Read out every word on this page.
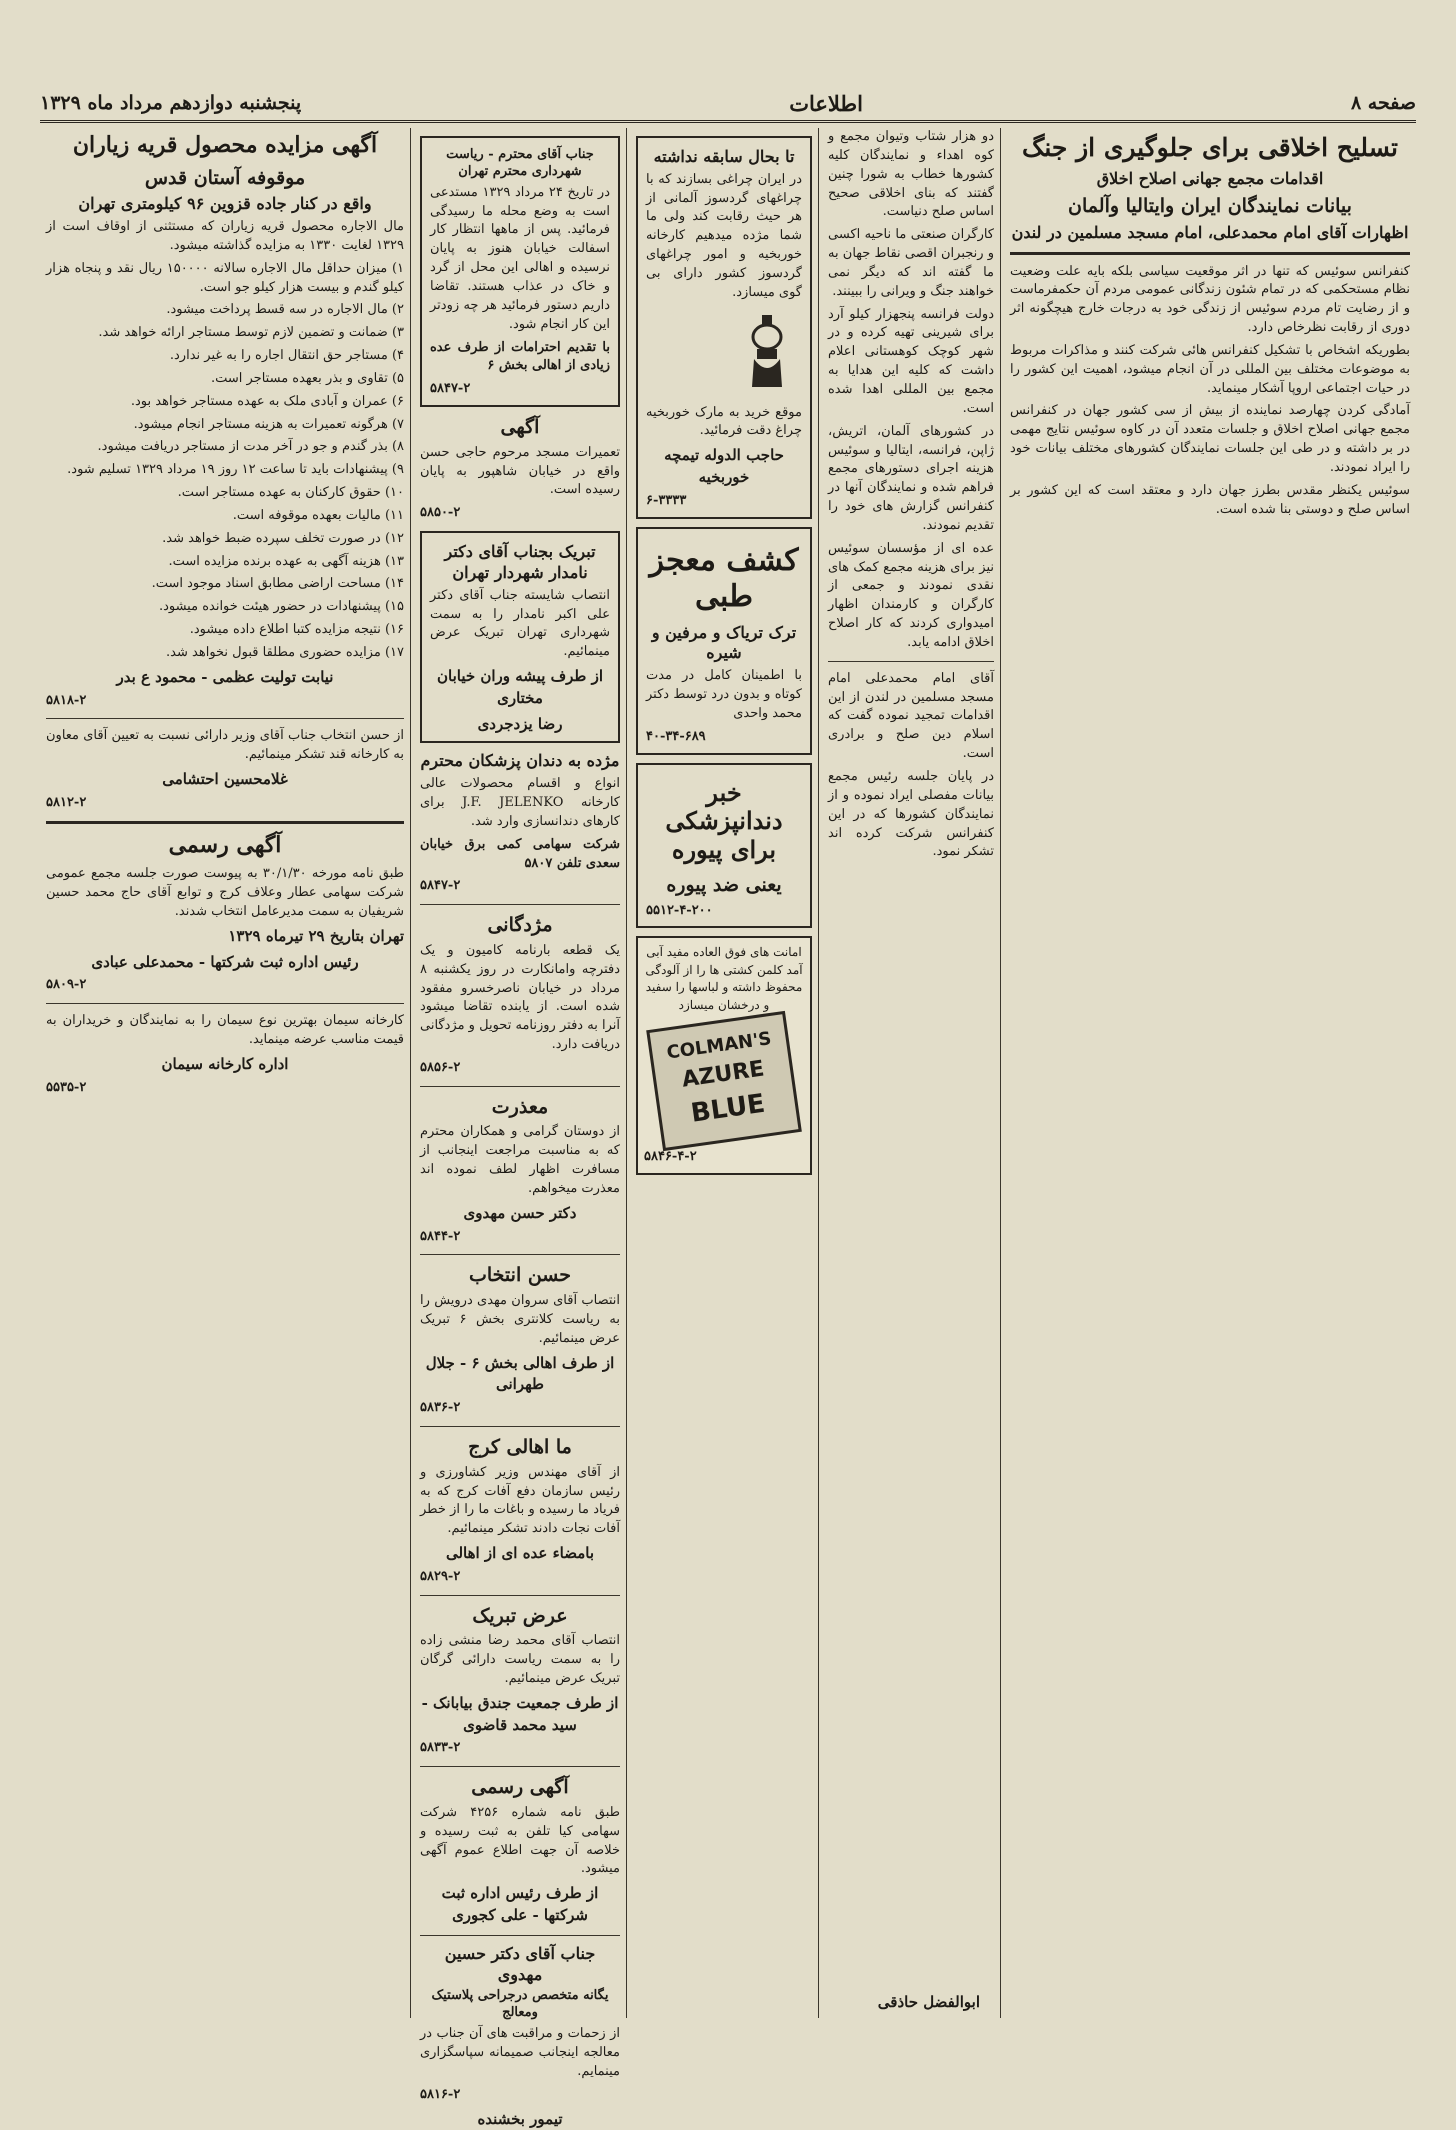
صفحه ۸
اطلاعات
پنجشنبه دوازدهم مرداد ماه ۱۳۲۹
تسلیح اخلاقی برای جلوگیری از جنگ
اقدامات مجمع جهانی اصلاح اخلاق
بیانات نمایندگان ایران وایتالیا وآلمان
اظهارات آقای امام محمدعلی، امام مسجد مسلمین در لندن

کنفرانس سوئیس که تنها در اثر موقعیت سیاسی بلکه بایه علت وضعیت نظام مستحکمی که در تمام شئون زندگانی عمومی مردم آن حکمفرماست و از رضایت تام مردم سوئیس از زندگی خود به درجات خارج هیچگونه اثر دوری از رقابت نظرخاص دارد.

بطوریکه اشخاص با تشکیل کنفرانس هائی شرکت کنند و مذاکرات مربوط به موضوعات مختلف بین المللی در آن انجام میشود، اهمیت این کشور را در حیات اجتماعی اروپا آشکار مینماید.

آمادگی کردن چهارصد نماینده از بیش از سی کشور جهان در کنفرانس مجمع جهانی اصلاح اخلاق و جلسات متعدد آن در کاوه سوئیس نتایج مهمی در بر داشته و در طی این جلسات نمایندگان کشورهای مختلف بیانات خود را ایراد نمودند.

سوئیس یکنظر مقدس بطرز جهان دارد و معتقد است که این کشور بر اساس صلح و دوستی بنا شده است.

دو هزار شتاب وتیوان مجمع و کوه اهداء و نمایندگان کلیه کشورها خطاب به شورا چنین گفتند که بنای اخلاقی صحیح اساس صلح دنیاست.

کارگران صنعتی ما ناحیه اکسی و رنجبران اقصی نقاط جهان به ما گفته اند که دیگر نمی خواهند جنگ و ویرانی را ببینند.

دولت فرانسه پنجهزار کیلو آرد برای شیرینی تهیه کرده و در شهر کوچک کوهستانی اعلام داشت که کلیه این هدایا به مجمع بین المللی اهدا شده است.

در کشورهای آلمان، اتریش، ژاپن، فرانسه، ایتالیا و سوئیس هزینه اجرای دستورهای مجمع فراهم شده و نمایندگان آنها در کنفرانس گزارش های خود را تقدیم نمودند.

عده ای از مؤسسان سوئیس نیز برای هزینه مجمع کمک های نقدی نمودند و جمعی از کارگران و کارمندان اظهار امیدواری کردند که کار اصلاح اخلاق ادامه یابد.

آقای امام محمدعلی امام مسجد مسلمین در لندن از این اقدامات تمجید نموده گفت که اسلام دین صلح و برادری است.

در پایان جلسه رئیس مجمع بیانات مفصلی ایراد نموده و از نمایندگان کشورها که در این کنفرانس شرکت کرده اند تشکر نمود.

ابوالفضل حاذقی
تا بحال سابقه نداشته

در ایران چراغی بسازند که با چراغهای گردسوز آلمانی از هر حیث رقابت کند ولی ما شما مژده میدهیم کارخانه خوربخیه و امور چراغهای گردسوز کشور دارای بی گوی میسازد.

موقع خرید به مارک خوربخیه چراغ دقت فرمائید.

حاجب الدوله تیمچه خوربخیه
۶-۳۳۳۳
کشف معجز طبی
ترک تریاک و مرفین و شیره

با اطمینان کامل در مدت کوتاه و بدون درد توسط دکتر محمد واحدی

۴۰-۳۴-۶۸۹
خبر دندانپزشکی برای پیوره
یعنی ضد پیوره
۵۵۱۲-۴-۲۰۰

امانت های فوق العاده مفید آبی آمد کلمن کشتی ها را از آلودگی محفوظ داشته و لباسها را سفید و درخشان میسازد

COLMAN'S
AZURE
BLUE
۵۸۴۶-۴-۲
جناب آقای محترم - ریاست شهرداری محترم تهران

در تاریخ ۲۴ مرداد ۱۳۲۹ مستدعی است به وضع محله ما رسیدگی فرمائید. پس از ماهها انتظار کار اسفالت خیابان هنوز به پایان نرسیده و اهالی این محل از گرد و خاک در عذاب هستند. تقاضا داریم دستور فرمائید هر چه زودتر این کار انجام شود.

با تقدیم احترامات از طرف عده زیادی از اهالی بخش ۶

۵۸۴۷-۲
آگهی

تعمیرات مسجد مرحوم حاجی حسن واقع در خیابان شاهپور به پایان رسیده است.

۵۸۵۰-۲
تبریک بجناب آقای دکتر نامدار شهردار تهران

انتصاب شایسته جناب آقای دکتر علی اکبر نامدار را به سمت شهرداری تهران تبریک عرض مینمائیم.

از طرف پیشه وران خیابان مختاری
رضا یزدجردی
مژده به دندان پزشکان محترم

انواع و اقسام محصولات عالی کارخانه J.F. JELENKO برای کارهای دندانسازی وارد شد.

شرکت سهامی کمی برق خیابان سعدی تلفن ۵۸۰۷

۵۸۴۷-۲
مژدگانی

یک قطعه بارنامه کامیون و یک دفترچه وامانکارت در روز یکشنبه ۸ مرداد در خیابان ناصرخسرو مفقود شده است. از یابنده تقاضا میشود آنرا به دفتر روزنامه تحویل و مژدگانی دریافت دارد.

۵۸۵۶-۲
معذرت

از دوستان گرامی و همکاران محترم که به مناسبت مراجعت اینجانب از مسافرت اظهار لطف نموده اند معذرت میخواهم.

دکتر حسن مهدوی
۵۸۴۴-۲
حسن انتخاب

انتصاب آقای سروان مهدی درویش را به ریاست کلانتری بخش ۶ تبریک عرض مینمائیم.

از طرف اهالی بخش ۶ - جلال طهرانی
۵۸۳۶-۲
ما اهالی کرج

از آقای مهندس وزیر کشاورزی و رئیس سازمان دفع آفات کرج که به فریاد ما رسیده و باغات ما را از خطر آفات نجات دادند تشکر مینمائیم.

بامضاء عده ای از اهالی
۵۸۲۹-۲
عرض تبریک

انتصاب آقای محمد رضا منشی زاده را به سمت ریاست دارائی گرگان تبریک عرض مینمائیم.

از طرف جمعیت جندق بیابانک - سید محمد قاضوی
۵۸۳۳-۲
آگهی رسمی

طبق نامه شماره ۴۲۵۶ شرکت سهامی کیا تلفن به ثبت رسیده و خلاصه آن جهت اطلاع عموم آگهی میشود.

از طرف رئیس اداره ثبت شرکتها - علی کجوری
جناب آقای دکتر حسین مهدوی
یگانه متخصص درجراحی پلاستیک ومعالج

از زحمات و مراقبت های آن جناب در معالجه اینجانب صمیمانه سپاسگزاری مینمایم.

۵۸۱۶-۲
تیمور بخشنده
آگهی مزایده محصول قریه زیاران
موقوفه آستان قدس
واقع در کنار جاده قزوین ۹۶ کیلومتری تهران

مال الاجاره محصول قریه زیاران که مستثنی از اوقاف است از ۱۳۲۹ لغایت ۱۳۳۰ به مزایده گذاشته میشود.

۱) میزان حداقل مال الاجاره سالانه ۱۵۰۰۰۰ ریال نقد و پنجاه هزار کیلو گندم و بیست هزار کیلو جو است.

۲) مال الاجاره در سه قسط پرداخت میشود.

۳) ضمانت و تضمین لازم توسط مستاجر ارائه خواهد شد.

۴) مستاجر حق انتقال اجاره را به غیر ندارد.

۵) تقاوی و بذر بعهده مستاجر است.

۶) عمران و آبادی ملک به عهده مستاجر خواهد بود.

۷) هرگونه تعمیرات به هزینه مستاجر انجام میشود.

۸) بذر گندم و جو در آخر مدت از مستاجر دریافت میشود.

۹) پیشنهادات باید تا ساعت ۱۲ روز ۱۹ مرداد ۱۳۲۹ تسلیم شود.

۱۰) حقوق کارکنان به عهده مستاجر است.

۱۱) مالیات بعهده موقوفه است.

۱۲) در صورت تخلف سپرده ضبط خواهد شد.

۱۳) هزینه آگهی به عهده برنده مزایده است.

۱۴) مساحت اراضی مطابق اسناد موجود است.

۱۵) پیشنهادات در حضور هیئت خوانده میشود.

۱۶) نتیجه مزایده کتبا اطلاع داده میشود.

۱۷) مزایده حضوری مطلقا قبول نخواهد شد.

نیابت تولیت عظمی - محمود ع بدر
۵۸۱۸-۲

از حسن انتخاب جناب آقای وزیر دارائی نسبت به تعیین آقای معاون به کارخانه قند تشکر مینمائیم.

غلامحسین احتشامی
۵۸۱۲-۲
آگهی رسمی

طبق نامه مورخه ۳۰/۱/۳۰ به پیوست صورت جلسه مجمع عمومی شرکت سهامی عطار وعلاف کرج و توابع آقای حاج محمد حسین شریفیان به سمت مدیرعامل انتخاب شدند.

تهران بتاریخ ۲۹ تیرماه ۱۳۲۹
رئیس اداره ثبت شرکتها - محمدعلی عبادی
۵۸۰۹-۲

کارخانه سیمان بهترین نوع سیمان را به نمایندگان و خریداران به قیمت مناسب عرضه مینماید.

اداره کارخانه سیمان
۵۵۳۵-۲
